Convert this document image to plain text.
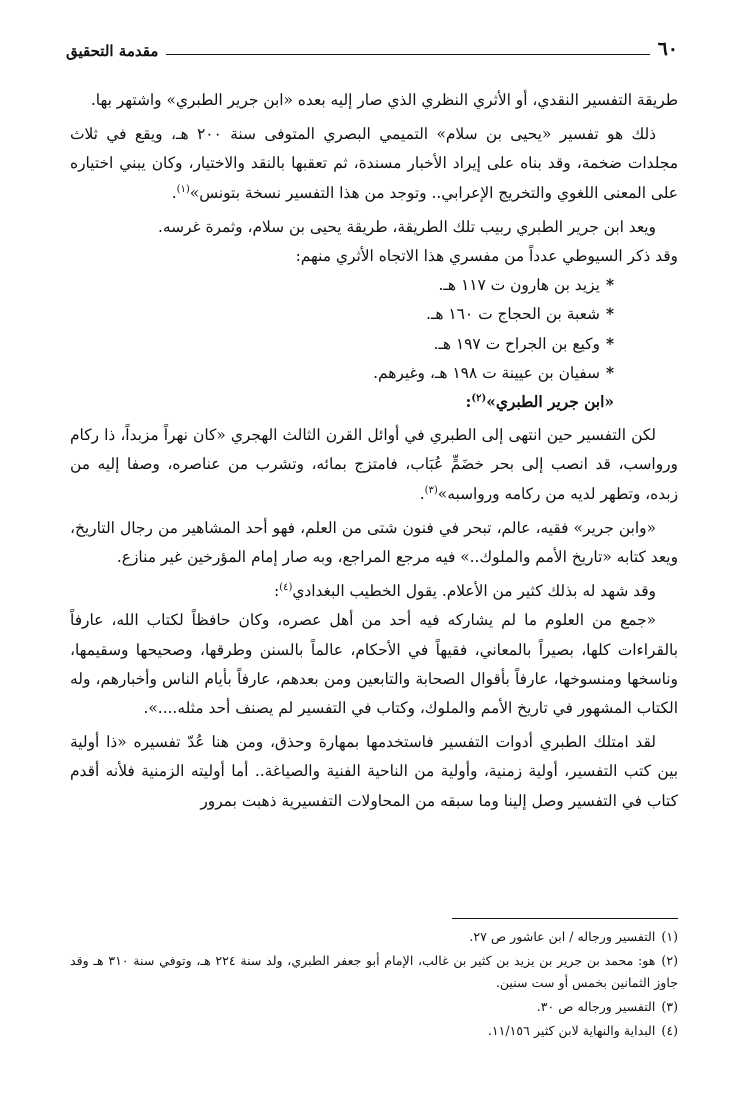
٦٠
مقدمة التحقيق

طريقة التفسير النقدي، أو الأثري النظري الذي صار إليه بعده «ابن جرير الطبري» واشتهر بها.

ذلك هو تفسير «يحيى بن سلام» التميمي البصري المتوفى سنة ٢٠٠ هـ، ويقع في ثلاث مجلدات ضخمة، وقد بناه على إيراد الأخبار مسندة، ثم تعقبها بالنقد والاختيار، وكان يبني اختياره على المعنى اللغوي والتخريج الإعرابي.. وتوجد من هذا التفسير نسخة بتونس»$^{(١)}$.

ويعد ابن جرير الطبري ربيب تلك الطريقة، طريقة يحيى بن سلام، وثمرة غرسه.

وقد ذكر السيوطي عدداً من مفسري هذا الاتجاه الأثري منهم:

*يزيد بن هارون ت ١١٧ هـ.
*شعبة بن الحجاج ت ١٦٠ هـ.
*وكيع بن الجراح ت ١٩٧ هـ.
*سفيان بن عيينة ت ١٩٨ هـ، وغيرهم.
«ابن جرير الطبري»$^{(٢)}$:

لكن التفسير حين انتهى إلى الطبري في أوائل القرن الثالث الهجري «كان نهراً مزبداً، ذا ركام ورواسب، قد انصب إلى بحر خضَمٍّ عُبَاب، فامتزج بمائه، وتشرب من عناصره، وصفا إليه من زبده، وتطهر لديه من ركامه ورواسبه»$^{(٣)}$.

«وابن جرير» فقيه، عالم، تبحر في فنون شتى من العلم، فهو أحد المشاهير من رجال التاريخ، ويعد كتابه «تاريخ الأمم والملوك..» فيه مرجع المراجع، وبه صار إمام المؤرخين غير منازع.

وقد شهد له بذلك كثير من الأعلام. يقول الخطيب البغدادي$^{(٤)}$:

«جمع من العلوم ما لم يشاركه فيه أحد من أهل عصره، وكان حافظاً لكتاب الله، عارفاً بالقراءات كلها، بصيراً بالمعاني، فقيهاً في الأحكام، عالماً بالسنن وطرقها، وصحيحها وسقيمها، وناسخها ومنسوخها، عارفاً بأقوال الصحابة والتابعين ومن بعدهم، عارفاً بأيام الناس وأخبارهم، وله الكتاب المشهور في تاريخ الأمم والملوك، وكتاب في التفسير لم يصنف أحد مثله....».

لقد امتلك الطبري أدوات التفسير فاستخدمها بمهارة وحذق، ومن هنا عُدّ تفسيره «ذا أولية بين كتب التفسير، أولية زمنية، وأولية من الناحية الفنية والصياغة.. أما أوليته الزمنية فلأنه أقدم كتاب في التفسير وصل إلينا وما سبقه من المحاولات التفسيرية ذهبت بمرور

(١)التفسير ورجاله / ابن عاشور ص ٢٧.
(٢)هو: محمد بن جرير بن يزيد بن كثير بن غالب، الإمام أبو جعفر الطبري، ولد سنة ٢٢٤ هـ، وتوفي سنة ٣١٠ هـ وقد جاوز الثمانين بخمس أو ست سنين.
(٣)التفسير ورجاله ص ٣٠.
(٤)البداية والنهاية لابن كثير ١١/١٥٦.
